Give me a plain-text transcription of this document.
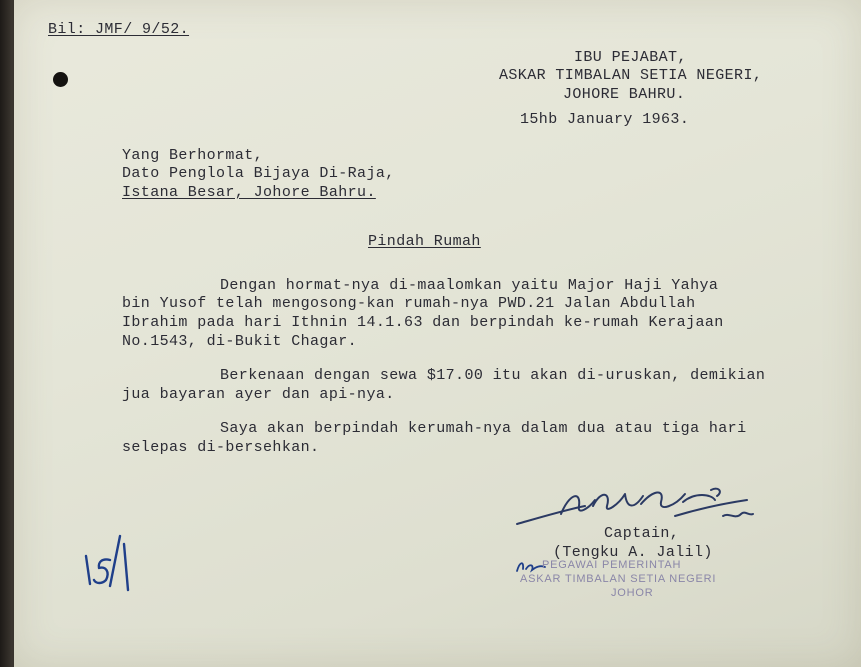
Bil: JMF/ 9/52.
IBU PEJABAT,
ASKAR TIMBALAN SETIA NEGERI,
JOHORE BAHRU.
15hb January 1963.
Yang Berhormat,
Dato Penglola Bijaya Di-Raja,
Istana Besar, Johore Bahru.
Pindah Rumah
Dengan hormat-nya di-maalomkan yaitu Major Haji Yahya
bin Yusof telah mengosong-kan rumah-nya PWD.21 Jalan Abdullah
Ibrahim pada hari Ithnin 14.1.63 dan berpindah ke-rumah Kerajaan
No.1543, di-Bukit Chagar.
Berkenaan dengan sewa $17.00 itu akan di-uruskan, demikian
jua bayaran ayer dan api-nya.
Saya akan berpindah kerumah-nya dalam dua atau tiga hari
selepas di-bersehkan.
Captain,
(Tengku A. Jalil)
PEGAWAI PEMERINTAH
ASKAR TIMBALAN SETIA NEGERI
JOHOR
